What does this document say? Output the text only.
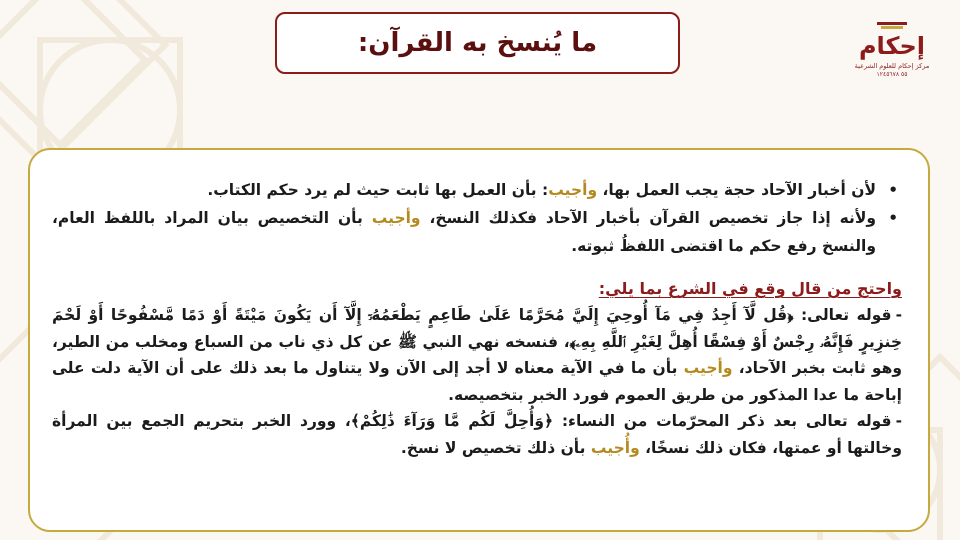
ما يُنسخ به القرآن:	إحكام
مركز إحكام للعلوم الشرعية
٥٥ ١٢٤٥٦٧٨
•
لأن أخبار الآحاد حجة يجب العمل بها، وأجيب: بأن العمل بها ثابت حيث لم يرد حكم الكتاب.
•
ولأنه إذا جاز تخصيص القرآن بأخبار الآحاد فكذلك النسخ، وأجيب بأن التخصيص بيان المراد باللفظ العام، والنسخ رفع حكم ما اقتضى اللفظُ ثبوته.
واحتج من قال وقع في الشرع بما يلي:
-قوله تعالى: ﴿قُل لَّآ أَجِدُ فِي مَآ أُوحِيَ إِلَيَّ مُحَرَّمًا عَلَىٰ طَاعِمٍ يَطْعَمُهُۥٓ إِلَّآ أَن يَكُونَ مَيْتَةً أَوْ دَمًا مَّسْفُوحًا أَوْ لَحْمَ خِنزِيرٍ فَإِنَّهُۥ رِجْسٌ أَوْ فِسْقًا أُهِلَّ لِغَيْرِ ٱللَّهِ بِهِۦ﴾، فنسخه نهي النبي ﷺ عن كل ذي ناب من السباع ومخلب من الطير، وهو ثابت بخبر الآحاد، وأجيب بأن ما في الآية معناه لا أجد إلى الآن ولا يتناول ما بعد ذلك على أن الآية دلت على إباحة ما عدا المذكور من طريق العموم فورد الخبر بتخصيصه.
-قوله تعالى بعد ذكر المحرّمات من النساء: ﴿وَأُحِلَّ لَكُم مَّا وَرَآءَ ذَٰلِكُمْ﴾، وورد الخبر بتحريم الجمع بين المرأة وخالتها أو عمتها، فكان ذلك نسخًا، وأُجيب بأن ذلك تخصيص لا نسخ.
